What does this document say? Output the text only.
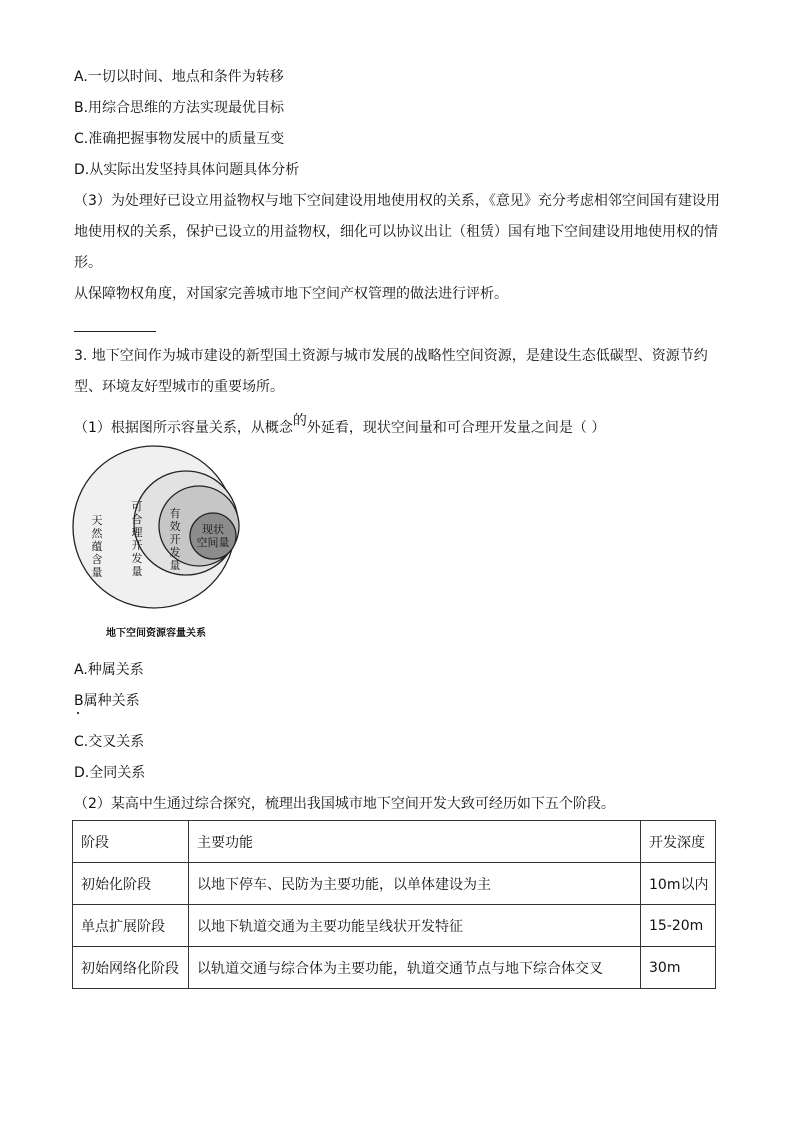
A.一切以时间、地点和条件为转移
B.用综合思维的方法实现最优目标
C.准确把握事物发展中的质量互变
D.从实际出发坚持具体问题具体分析
（3）为处理好已设立用益物权与地下空间建设用地使用权的关系，《意见》充分考虑相邻空间国有建设用
地使用权的关系，保护已设立的用益物权，细化可以协议出让（租赁）国有地下空间建设用地使用权的情
形。
从保障物权角度，对国家完善城市地下空间产权管理的做法进行评析。
3. 地下空间作为城市建设的新型国土资源与城市发展的战略性空间资源，是建设生态低碳型、资源节约
型、环境友好型城市的重要场所。
（1）根据图所示容量关系，从概念的外延看，现状空间量和可合理开发量之间是（ ）
天
然
蕴
含
量
可
合
理
开
发
量
有
效
开
发
量
现状
空间量
地下空间资源容量关系
A.种属关系
B属种关系
C.交叉关系
D.全同关系
（2）某高中生通过综合探究，梳理出我国城市地下空间开发大致可经历如下五个阶段。
阶段	主要功能	开发深度
初始化阶段	以地下停车、民防为主要功能，以单体建设为主	10m以内
单点扩展阶段	以地下轨道交通为主要功能呈线状开发特征	15-20m
初始网络化阶段	以轨道交通与综合体为主要功能，轨道交通节点与地下综合体交叉	30m
